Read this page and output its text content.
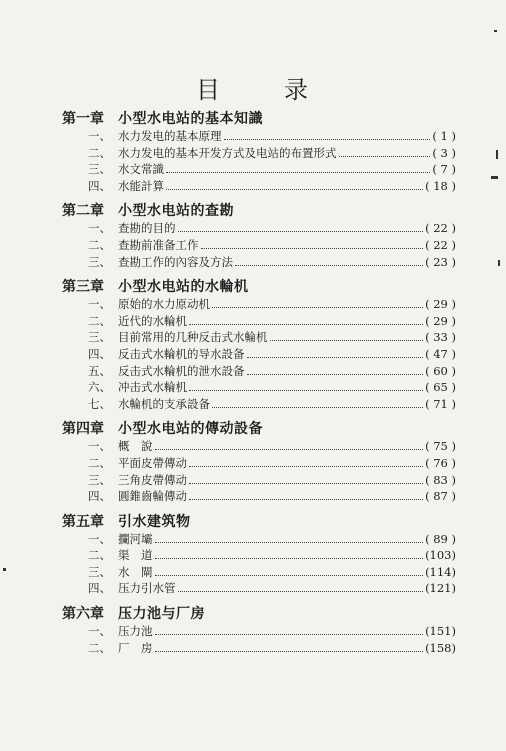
目	录
第一章	小型水电站的基本知識
一、 水力发电的基本原理	( 1 )
二、 水力发电的基本开发方式及电站的布置形式	( 3 )
三、 水文常識	( 7 )
四、 水能計算	( 18 )
第二章	小型水电站的查勘
一、 查勘的目的	( 22 )
二、 查勘前准备工作	( 22 )
三、 查勘工作的內容及方法	( 23 )
第三章	小型水电站的水輪机
一、 原始的水力原动机	( 29 )
二、 近代的水輪机	( 29 )
三、 目前常用的几种反击式水輪机	( 33 )
四、 反击式水輪机的导水設备	( 47 )
五、 反击式水輪机的泄水設备	( 60 )
六、 冲击式水輪机	( 65 )
七、 水輪机的支承設备	( 71 )
第四章	小型水电站的傳动設备
一、 概　說	( 75 )
二、 平面皮帶傳动	( 76 )
三、 三角皮帶傳动	( 83 )
四、 圓錐齒輪傳动	( 87 )
第五章	引水建筑物
一、 攔河壩	( 89 )
二、 渠　道	(103)
三、 水　閘	(114)
四、 压力引水管	(121)
第六章	压力池与厂房
一、 压力池	(151)
二、 厂　房	(158)
